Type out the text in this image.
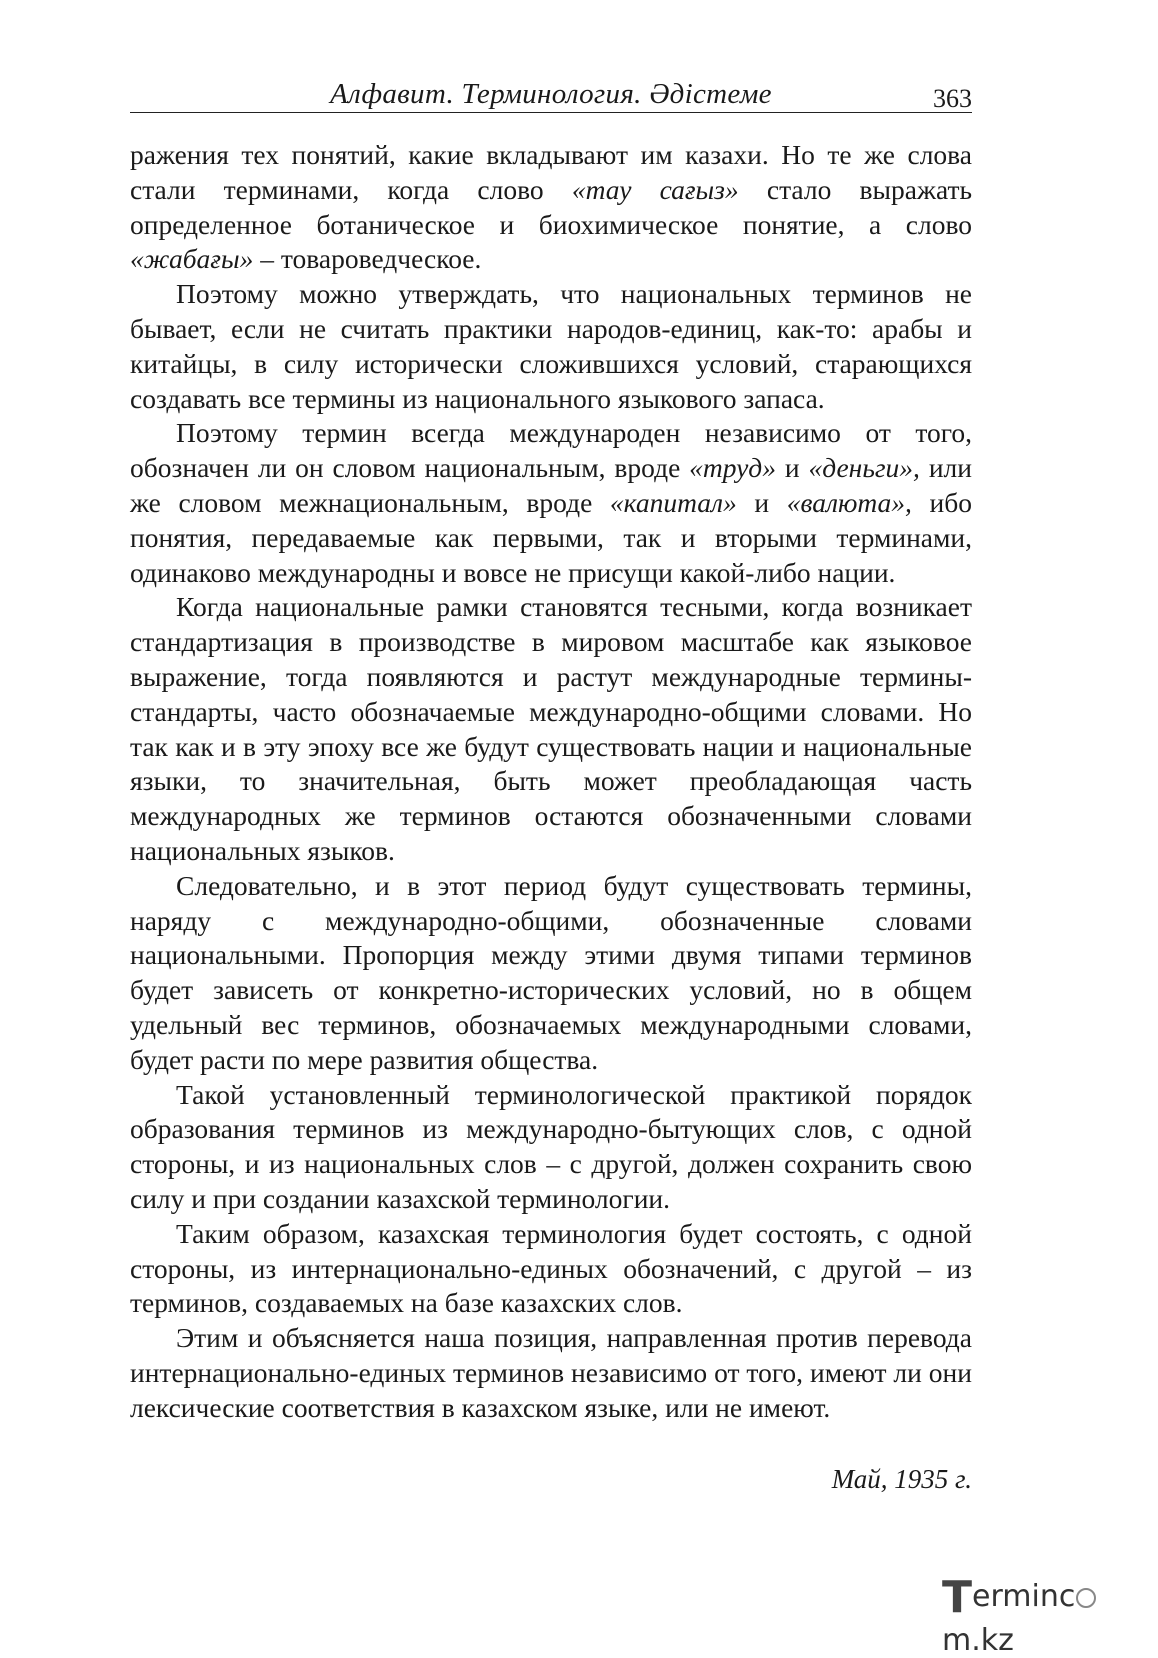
Алфавит. Терминология. Әдістеме	363

ражения тех понятий, какие вкладывают им казахи. Но те же слова стали терминами, когда слово «тау сағыз» стало выражать определенное ботаническое и биохимическое понятие, а слово «жабағы» – товароведческое.

Поэтому можно утверждать, что национальных терминов не бывает, если не считать практики народов-единиц, как-то: арабы и китайцы, в силу исторически сложившихся условий, старающихся создавать все термины из национального языкового запаса.

Поэтому термин всегда международен независимо от того, обозначен ли он словом национальным, вроде «труд» и «деньги», или же словом межнациональным, вроде «капитал» и «валюта», ибо понятия, передаваемые как первыми, так и вторыми терминами, одинаково международны и вовсе не присущи какой-либо нации.

Когда национальные рамки становятся тесными, когда возникает стандартизация в производстве в мировом масштабе как языковое выражение, тогда появляются и растут международные термины-стандарты, часто обозначаемые международно-общими словами. Но так как и в эту эпоху все же будут существовать нации и национальные языки, то значительная, быть может преобладающая часть международных же терминов остаются обозначенными словами национальных языков.

Следовательно, и в этот период будут существовать термины, наряду с международно-общими, обозначенные словами национальными. Пропорция между этими двумя типами терминов будет зависеть от конкретно-исторических условий, но в общем удельный вес терминов, обозначаемых международными словами, будет расти по мере развития общества.

Такой установленный терминологической практикой порядок образования терминов из международно-бытующих слов, с одной стороны, и из национальных слов – с другой, должен сохранить свою силу и при создании казахской терминологии.

Таким образом, казахская терминология будет состоять, с одной стороны, из интернационально-единых обозначений, с другой – из терминов, создаваемых на базе казахских слов.

Этим и объясняется наша позиция, направленная против перевода интернационально-единых терминов независимо от того, имеют ли они лексические соответствия в казахском языке, или не имеют.

Май, 1935 г.
Termincm.kz
